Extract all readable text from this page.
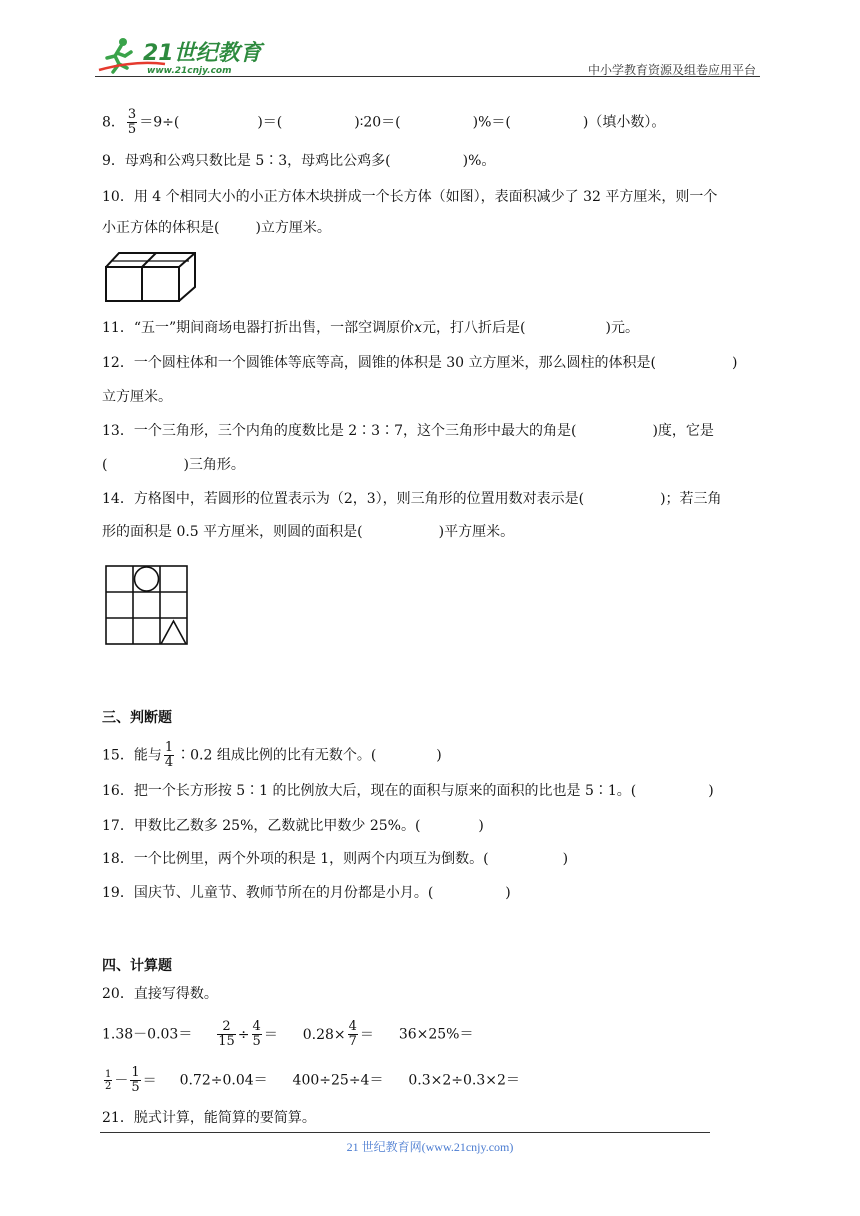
21世纪教育
www.21cnjy.com	中小学教育资源及组卷应用平台
8． $\frac{3}{5} =9\div$(	)＝(	)∶20＝(	)%＝(	)（填小数）。
9．母鸡和公鸡只数比是 5∶3，母鸡比公鸡多(	)%。
10．用 4 个相同大小的小正方体木块拼成一个长方体（如图），表面积减少了 32 平方厘米，则一个
小正方体的体积是(	)立方厘米。
11．“五一”期间商场电器打折出售，一部空调原价x元，打八折后是(	)元。
12．一个圆柱体和一个圆锥体等底等高，圆锥的体积是 30 立方厘米，那么圆柱的体积是(	)
立方厘米。
13．一个三角形，三个内角的度数比是 2∶3∶7，这个三角形中最大的角是(	)度，它是
(	)三角形。
14．方格图中，若圆形的位置表示为（2，3），则三角形的位置用数对表示是(	)；若三角
形的面积是 0.5 平方厘米，则圆的面积是(	)平方厘米。
三、判断题
15．能与 $\frac{1}{4}$ ∶0.2 组成比例的比有无数个。(	)
16．把一个长方形按 5∶1 的比例放大后，现在的面积与原来的面积的比也是 5∶1。(	)
17．甲数比乙数多 25%，乙数就比甲数少 25%。(	)
18．一个比例里，两个外项的积是 1，则两个内项互为倒数。(	)
19．国庆节、儿童节、教师节所在的月份都是小月。(	)
四、计算题
20．直接写得数。
$1.38-0.03= \frac{2}{15} \div \frac{4}{5} = 0.28\times \frac{4}{7} = 36\times 25\%=$
$\frac{1}{2} - \frac{1}{5} = 0.72\div 0.04= 400\div 25\div 4= 0.3\times 2\div 0.3\times 2=$
21．脱式计算，能简算的要简算。
21 世纪教育网(www.21cnjy.com)
